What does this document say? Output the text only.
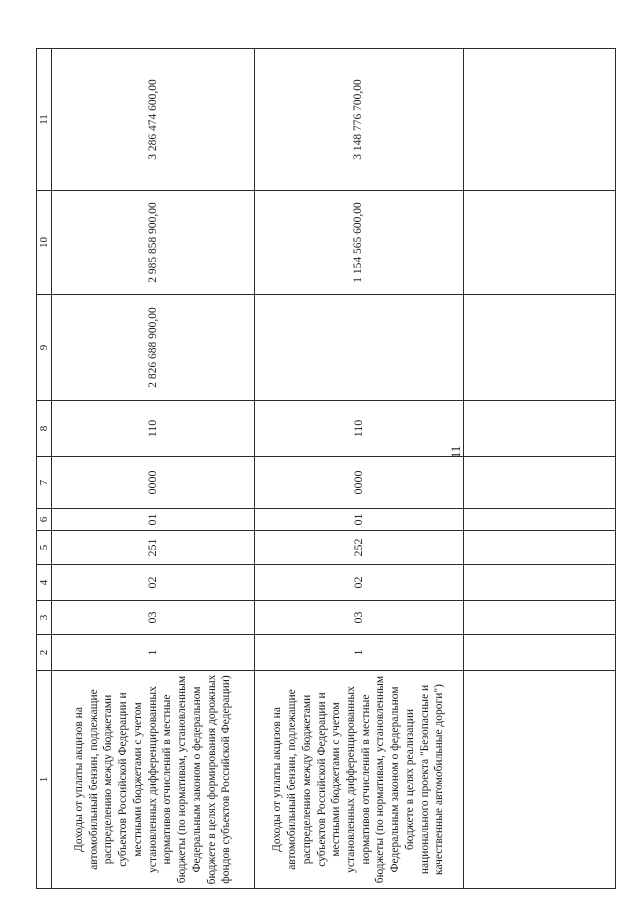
11
1	2	3	4	5	6	7	8	9	10	11
Доходы от уплаты акцизов на автомобильный бензин, подлежащие распределению между бюджетами субъектов Российской Федерации и местными бюджетами с учетом установленных дифференцированных нормативов отчислений в местные бюджеты (по нормативам, установленным Федеральным законом о федеральном бюджете в целях формирования дорожных фондов субъектов Российской Федерации)	1	03	02	251	01	0000	110	2 826 688 900,00	2 985 858 900,00	3 286 474 600,00
Доходы от уплаты акцизов на автомобильный бензин, подлежащие распределению между бюджетами субъектов Российской Федерации и местными бюджетами с учетом установленных дифференцированных нормативов отчислений в местные бюджеты (по нормативам, установленным Федеральным законом о федеральном бюджете в целях реализации национального проекта "Безопасные и качественные автомобильные дороги")	1	03	02	252	01	0000	110		1 154 565 600,00	3 148 776 700,00
